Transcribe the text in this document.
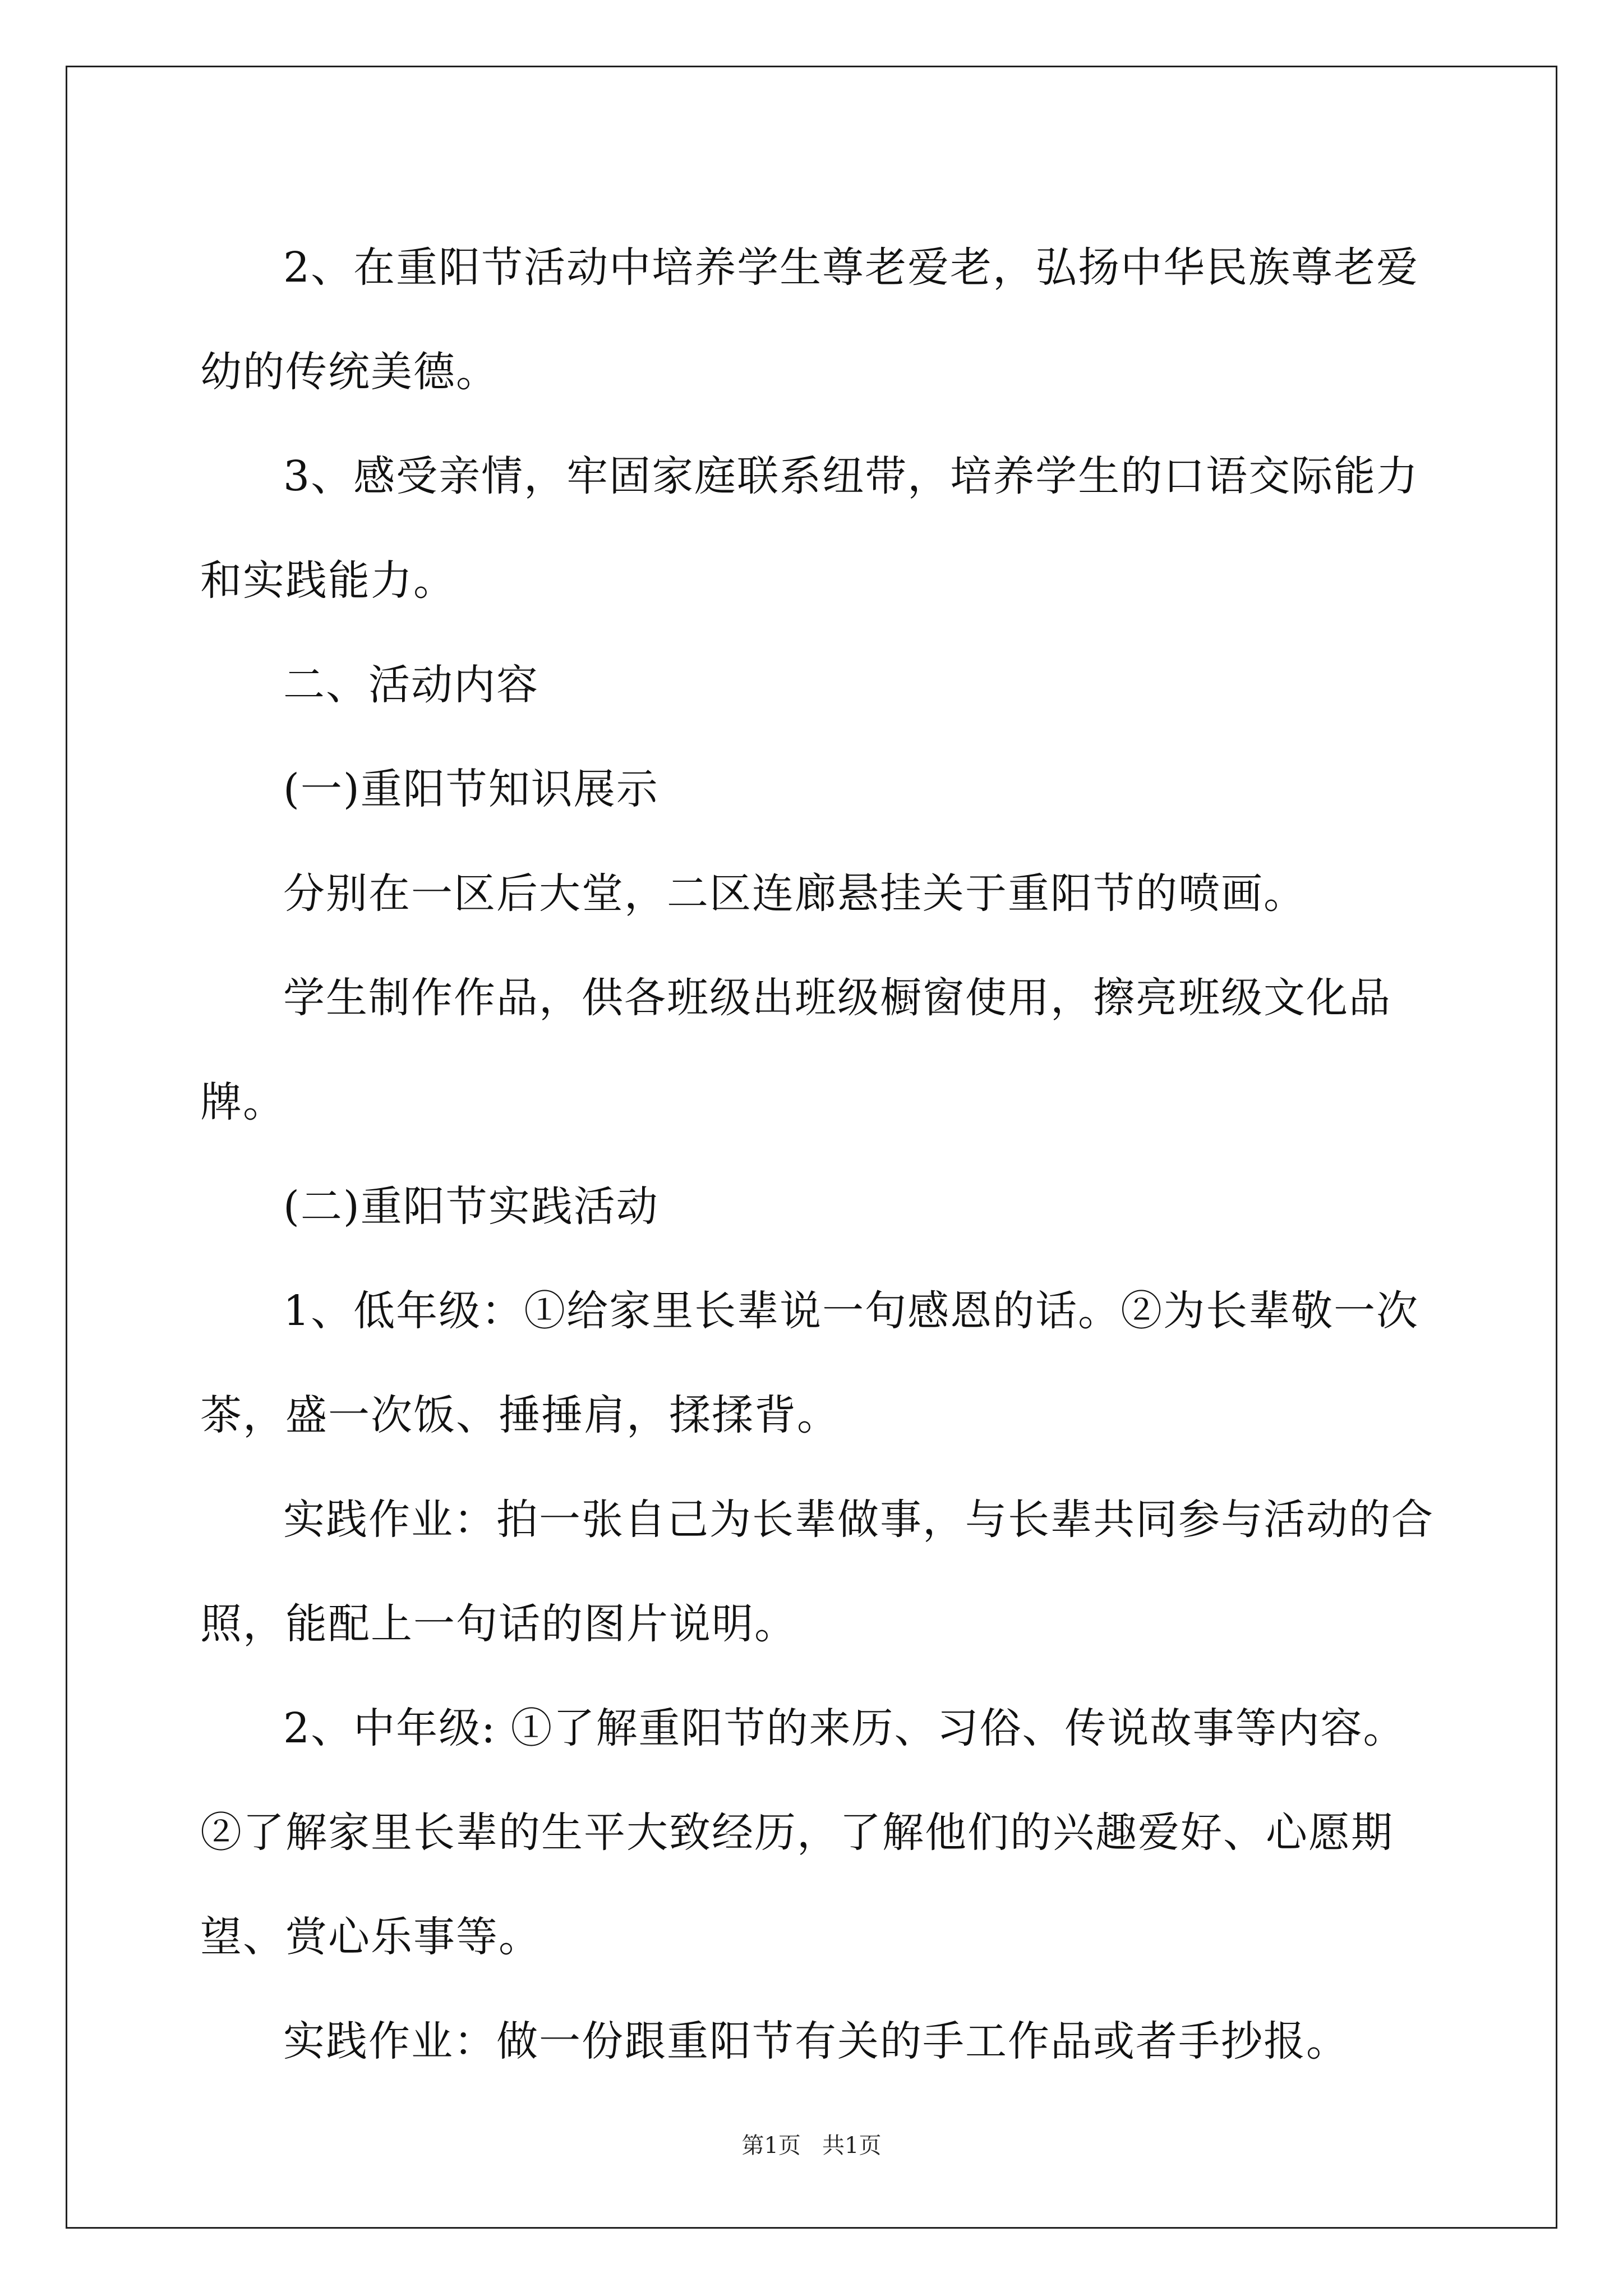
2、在重阳节活动中培养学生尊老爱老，弘扬中华民族尊老爱幼的传统美德。

3、感受亲情，牢固家庭联系纽带，培养学生的口语交际能力和实践能力。

二、活动内容

(一)重阳节知识展示

分别在一区后大堂，二区连廊悬挂关于重阳节的喷画。

学生制作作品，供各班级出班级橱窗使用，擦亮班级文化品牌。

(二)重阳节实践活动

1、低年级：①给家里长辈说一句感恩的话。②为长辈敬一次茶，盛一次饭、捶捶肩，揉揉背。

实践作业：拍一张自己为长辈做事，与长辈共同参与活动的合照，能配上一句话的图片说明。

2、中年级: ①了解重阳节的来历、习俗、传说故事等内容。②了解家里长辈的生平大致经历，了解他们的兴趣爱好、心愿期望、赏心乐事等。

实践作业：做一份跟重阳节有关的手工作品或者手抄报。

第1页   共1页
